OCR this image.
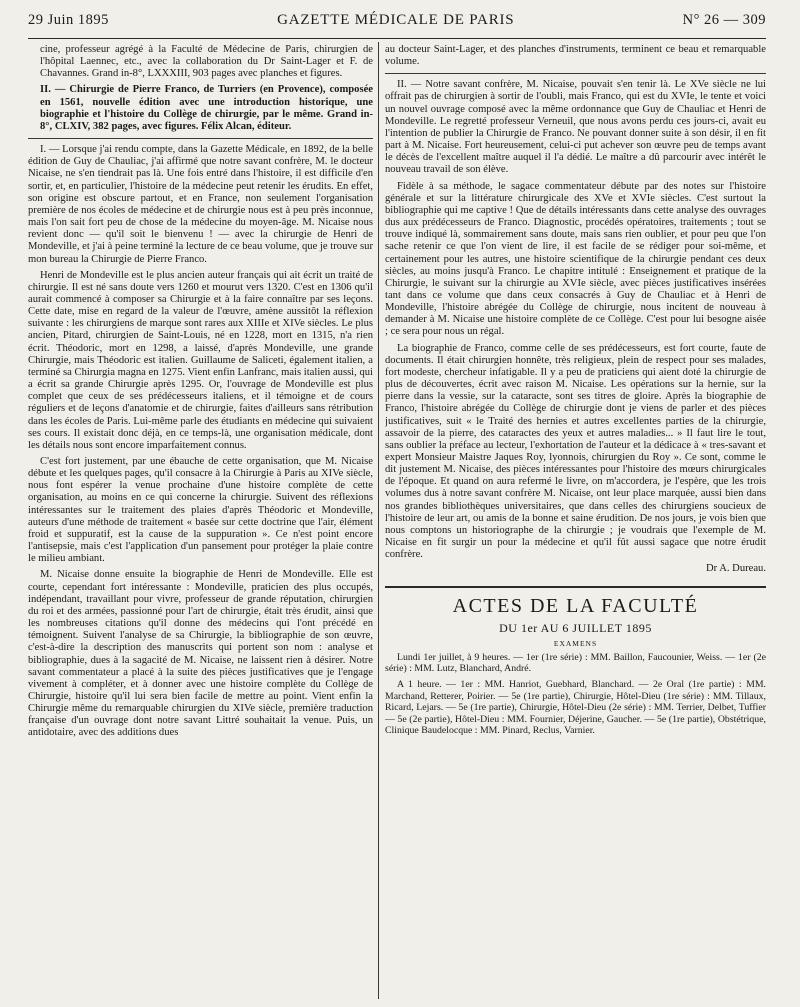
29 Juin 1895	GAZETTE MÉDICALE DE PARIS	N° 26 — 309

cine, professeur agrégé à la Faculté de Médecine de Paris, chirurgien de l'hôpital Laennec, etc., avec la collaboration du Dr Saint-Lager et F. de Chavannes. Grand in-8°, LXXXIII, 903 pages avec planches et figures.

II. — Chirurgie de Pierre Franco, de Turriers (en Provence), composée en 1561, nouvelle édition avec une introduction historique, une biographie et l'histoire du Collège de chirurgie, par le même. Grand in-8°, CLXIV, 382 pages, avec figures. Félix Alcan, éditeur.

I. — Lorsque j'ai rendu compte, dans la Gazette Médicale, en 1892, de la belle édition de Guy de Chauliac, j'ai affirmé que notre savant confrère, M. le docteur Nicaise, ne s'en tiendrait pas là. Une fois entré dans l'histoire, il est difficile d'en sortir, et, en particulier, l'histoire de la médecine peut retenir les érudits. En effet, son origine est obscure partout, et en France, non seulement l'organisation première de nos écoles de médecine et de chirurgie nous est à peu près inconnue, mais l'on sait fort peu de chose de la médecine du moyen-âge. M. Nicaise nous revient donc — qu'il soit le bienvenu ! — avec la chirurgie de Henri de Mondeville, et j'ai à peine terminé la lecture de ce beau volume, que je trouve sur mon bureau la Chirurgie de Pierre Franco.

Henri de Mondeville est le plus ancien auteur français qui ait écrit un traité de chirurgie. Il est né sans doute vers 1260 et mourut vers 1320. C'est en 1306 qu'il aurait commencé à composer sa Chirurgie et à la faire connaître par ses leçons. Cette date, mise en regard de la valeur de l'œuvre, amène aussitôt la réflexion suivante : les chirurgiens de marque sont rares aux XIIIe et XIVe siècles. Le plus ancien, Pitard, chirurgien de Saint-Louis, né en 1228, mort en 1315, n'a rien écrit. Théodoric, mort en 1298, a laissé, d'après Mondeville, une grande Chirurgie, mais Théodoric est italien. Guillaume de Saliceti, également italien, a terminé sa Chirurgia magna en 1275. Vient enfin Lanfranc, mais italien aussi, qui a écrit sa grande Chirurgie après 1295. Or, l'ouvrage de Mondeville est plus complet que ceux de ses prédécesseurs italiens, et il témoigne et de cours réguliers et de leçons d'anatomie et de chirurgie, faites d'ailleurs sans rétribution dans les écoles de Paris. Lui-même parle des étudiants en médecine qui suivaient ses cours. Il existait donc déjà, en ce temps-là, une organisation médicale, dont les détails nous sont encore imparfaitement connus.

C'est fort justement, par une ébauche de cette organisation, que M. Nicaise débute et les quelques pages, qu'il consacre à la Chirurgie à Paris au XIVe siècle, nous font espérer la venue prochaine d'une histoire complète de cette organisation, au moins en ce qui concerne la chirurgie. Suivent des réflexions intéressantes sur le traitement des plaies d'après Théodoric et Mondeville, auteurs d'une méthode de traitement « basée sur cette doctrine que l'air, élément froid et suppuratif, est la cause de la suppuration ». Ce n'est point encore l'antisepsie, mais c'est l'application d'un pansement pour protéger la plaie contre le milieu ambiant.

M. Nicaise donne ensuite la biographie de Henri de Mondeville. Elle est courte, cependant fort intéressante : Mondeville, praticien des plus occupés, indépendant, travaillant pour vivre, professeur de grande réputation, chirurgien du roi et des armées, passionné pour l'art de chirurgie, était très érudit, ainsi que les nombreuses citations qu'il donne des médecins qui l'ont précédé en témoignent. Suivent l'analyse de sa Chirurgie, la bibliographie de son œuvre, c'est-à-dire la description des manuscrits qui portent son nom : analyse et bibliographie, dues à la sagacité de M. Nicaise, ne laissent rien à désirer. Notre savant commentateur a placé à la suite des pièces justificatives que je l'engage vivement à compléter, et à donner avec une histoire complète du Collège de Chirurgie, histoire qu'il lui sera bien facile de mettre au point. Vient enfin la Chirurgie même du remarquable chirurgien du XIVe siècle, première traduction française d'un ouvrage dont notre savant Littré souhaitait la venue. Puis, un antidotaire, avec des additions dues

au docteur Saint-Lager, et des planches d'instruments, terminent ce beau et remarquable volume.

II. — Notre savant confrère, M. Nicaise, pouvait s'en tenir là. Le XVe siècle ne lui offrait pas de chirurgien à sortir de l'oubli, mais Franco, qui est du XVIe, le tente et voici un nouvel ouvrage composé avec la même ordonnance que Guy de Chauliac et Henri de Mondeville. Le regretté professeur Verneuil, que nous avons perdu ces jours-ci, avait eu l'intention de publier la Chirurgie de Franco. Ne pouvant donner suite à son désir, il en fit part à M. Nicaise. Fort heureusement, celui-ci put achever son œuvre peu de temps avant le décès de l'excellent maître auquel il l'a dédié. Le maître a dû parcourir avec intérêt le nouveau travail de son élève.

Fidèle à sa méthode, le sagace commentateur débute par des notes sur l'histoire générale et sur la littérature chirurgicale des XVe et XVIe siècles. C'est surtout la bibliographie qui me captive ! Que de détails intéressants dans cette analyse des ouvrages dus aux prédécesseurs de Franco. Diagnostic, procédés opératoires, traitements ; tout se trouve indiqué là, sommairement sans doute, mais sans rien oublier, et pour peu que l'on sache retenir ce que l'on vient de lire, il est facile de se rédiger pour soi-même, et certainement pour les autres, une histoire scientifique de la chirurgie pendant ces deux siècles, au moins jusqu'à Franco. Le chapitre intitulé : Enseignement et pratique de la Chirurgie, le suivant sur la chirurgie au XVIe siècle, avec pièces justificatives insérées tant dans ce volume que dans ceux consacrés à Guy de Chauliac et à Henri de Mondeville, l'histoire abrégée du Collège de chirurgie, nous incitent de nouveau à demander à M. Nicaise une histoire complète de ce Collège. C'est pour lui besogne aisée ; ce sera pour nous un régal.

La biographie de Franco, comme celle de ses prédécesseurs, est fort courte, faute de documents. Il était chirurgien honnête, très religieux, plein de respect pour ses malades, fort modeste, chercheur infatigable. Il y a peu de praticiens qui aient doté la chirurgie de plus de découvertes, écrit avec raison M. Nicaise. Les opérations sur la hernie, sur la pierre dans la vessie, sur la cataracte, sont ses titres de gloire. Après la biographie de Franco, l'histoire abrégée du Collège de chirurgie dont je viens de parler et des pièces justificatives, suit « le Traité des hernies et autres excellentes parties de la chirurgie, assavoir de la pierre, des cataractes des yeux et autres maladies... » Il faut lire le tout, sans oublier la préface au lecteur, l'exhortation de l'auteur et la dédicace à « tres-savant et expert Monsieur Maistre Jaques Roy, lyonnois, chirurgien du Roy ». Ce sont, comme le dit justement M. Nicaise, des pièces intéressantes pour l'histoire des mœurs chirurgicales de l'époque. Et quand on aura refermé le livre, on m'accordera, je l'espère, que les trois volumes dus à notre savant confrère M. Nicaise, ont leur place marquée, aussi bien dans nos grandes bibliothèques universitaires, que dans celles des chirurgiens soucieux de l'histoire de leur art, ou amis de la bonne et saine érudition. De nos jours, je vois bien que nous comptons un historiographe de la chirurgie ; je voudrais que l'exemple de M. Nicaise en fit surgir un pour la médecine et qu'il fût aussi sagace que notre érudit confrère.

Dr A. Dureau.

ACTES DE LA FACULTÉ

DU 1er AU 6 JUILLET 1895

EXAMENS

Lundi 1er juillet, à 9 heures. — 1er (1re série) : MM. Baillon, Faucounier, Weiss. — 1er (2e série) : MM. Lutz, Blanchard, André.

A 1 heure. — 1er : MM. Hanriot, Guebhard, Blanchard. — 2e Oral (1re partie) : MM. Marchand, Retterer, Poirier. — 5e (1re partie), Chirurgie, Hôtel-Dieu (1re série) : MM. Tillaux, Ricard, Lejars. — 5e (1re partie), Chirurgie, Hôtel-Dieu (2e série) : MM. Terrier, Delbet, Tuffier — 5e (2e partie), Hôtel-Dieu : MM. Fournier, Déjerine, Gaucher. — 5e (1re partie), Obstétrique, Clinique Baudelocque : MM. Pinard, Reclus, Varnier.
